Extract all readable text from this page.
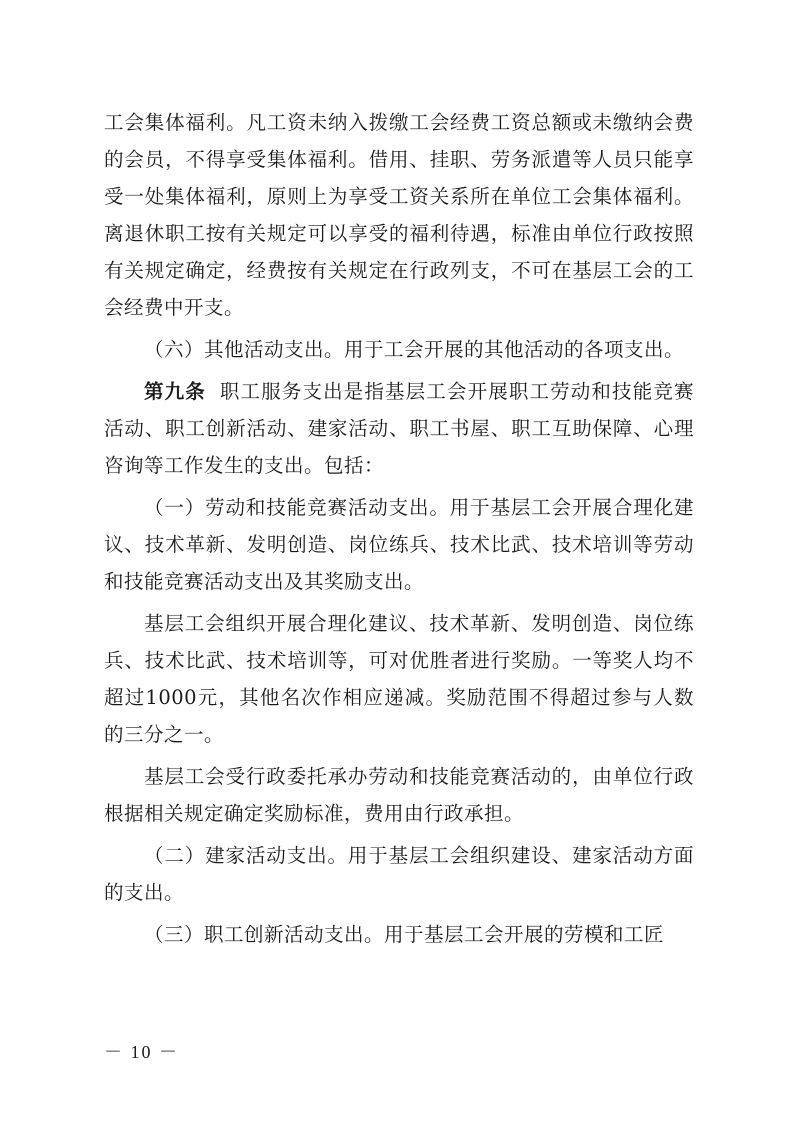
工会集体福利。凡工资未纳入拨缴工会经费工资总额或未缴纳会费的会员，不得享受集体福利。借用、挂职、劳务派遣等人员只能享受一处集体福利，原则上为享受工资关系所在单位工会集体福利。离退休职工按有关规定可以享受的福利待遇，标准由单位行政按照有关规定确定，经费按有关规定在行政列支，不可在基层工会的工会经费中开支。

（六）其他活动支出。用于工会开展的其他活动的各项支出。

第九条 职工服务支出是指基层工会开展职工劳动和技能竞赛活动、职工创新活动、建家活动、职工书屋、职工互助保障、心理咨询等工作发生的支出。包括：

（一）劳动和技能竞赛活动支出。用于基层工会开展合理化建议、技术革新、发明创造、岗位练兵、技术比武、技术培训等劳动和技能竞赛活动支出及其奖励支出。

基层工会组织开展合理化建议、技术革新、发明创造、岗位练兵、技术比武、技术培训等，可对优胜者进行奖励。一等奖人均不超过1000元，其他名次作相应递减。奖励范围不得超过参与人数的三分之一。

基层工会受行政委托承办劳动和技能竞赛活动的，由单位行政根据相关规定确定奖励标准，费用由行政承担。

（二）建家活动支出。用于基层工会组织建设、建家活动方面的支出。

（三）职工创新活动支出。用于基层工会开展的劳模和工匠

－ 10 －
